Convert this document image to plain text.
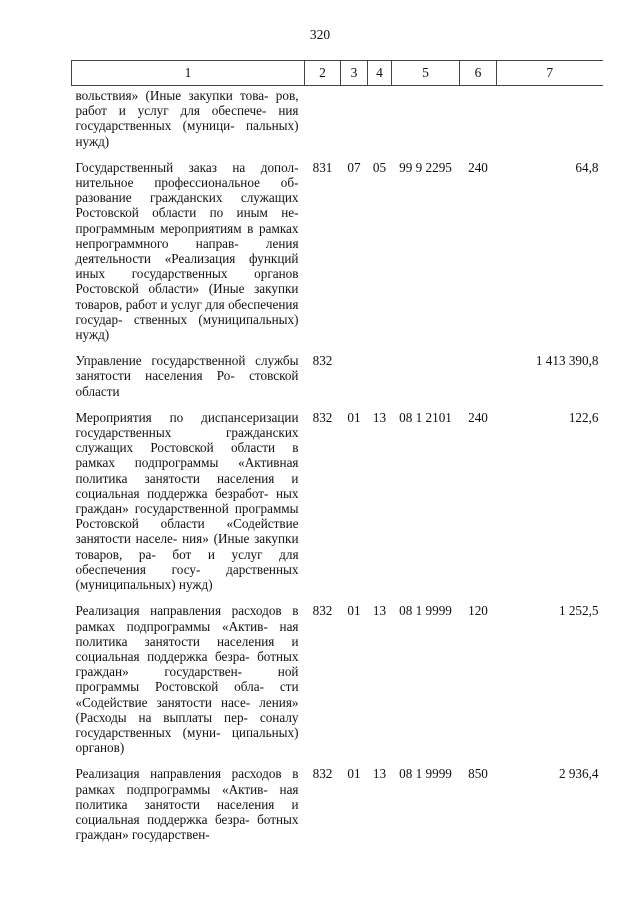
320
1	2	3	4	5	6	7
вольствия» (Иные закупки това- ров, работ и услуг для обеспече- ния государственных (муници- пальных) нужд)						
Государственный заказ на допол- нительное профессиональное об- разование гражданских служащих Ростовской области по иным не- программным мероприятиям в рамках непрограммного направ- ления деятельности «Реализация функций иных государственных органов Ростовской области» (Иные закупки товаров, работ и услуг для обеспечения государ- ственных (муниципальных) нужд)	831	07	05	99 9 2295	240	64,8
Управление государственной службы занятости населения Ро- стовской области	832					1 413 390,8
Мероприятия по диспансеризации государственных гражданских служащих Ростовской области в рамках подпрограммы «Активная политика занятости населения и социальная поддержка безработ- ных граждан» государственной программы Ростовской области «Содействие занятости населе- ния» (Иные закупки товаров, ра- бот и услуг для обеспечения госу- дарственных (муниципальных) нужд)	832	01	13	08 1 2101	240	122,6
Реализация направления расходов в рамках подпрограммы «Актив- ная политика занятости населения и социальная поддержка безра- ботных граждан» государствен- ной программы Ростовской обла- сти «Содействие занятости насе- ления» (Расходы на выплаты пер- соналу государственных (муни- ципальных) органов)	832	01	13	08 1 9999	120	1 252,5
Реализация направления расходов в рамках подпрограммы «Актив- ная политика занятости населения и социальная поддержка безра- ботных граждан» государствен-	832	01	13	08 1 9999	850	2 936,4
